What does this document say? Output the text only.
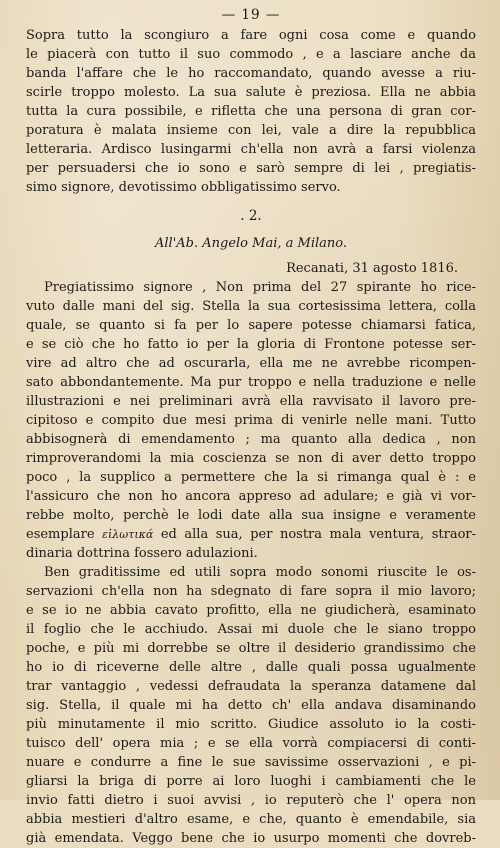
— 19 —
Sopra tutto la scongiuro a fare ogni cosa come e quando
le piacerà con tutto il suo commodo , e a lasciare anche da
banda l'affare che le ho raccomandato, quando avesse a riu-
scirle troppo molesto. La sua salute è preziosa. Ella ne abbia
tutta la cura possibile, e rifletta che una persona di gran cor-
poratura è malata insieme con lei, vale a dire la repubblica
letteraria. Ardisco lusingarmi ch'ella non avrà a farsi violenza
per persuadersi che io sono e sarò sempre di lei , pregiatis-
simo signore, devotissimo obbligatissimo servo.
. 2.
All'Ab. Angelo Mai, a Milano.
Recanati, 31 agosto 1816.
Pregiatissimo signore , Non prima del 27 spirante ho rice-
vuto dalle mani del sig. Stella la sua cortesissima lettera, colla
quale, se quanto si fa per lo sapere potesse chiamarsi fatica,
e se ciò che ho fatto io per la gloria di Frontone potesse ser-
vire ad altro che ad oscurarla, ella me ne avrebbe ricompen-
sato abbondantemente. Ma pur troppo e nella traduzione e nelle
illustrazioni e nei preliminari avrà ella ravvisato il lavoro pre-
cipitoso e compito due mesi prima di venirle nelle mani. Tutto
abbisognerà di emendamento ; ma quanto alla dedica , non
rimproverandomi la mia coscienza se non di aver detto troppo
poco , la supplico a permettere che la si rimanga qual è : e
l'assicuro che non ho ancora appreso ad adulare; e già vi vor-
rebbe molto, perchè le lodi date alla sua insigne e veramente
esemplare εἰλωτικά ed alla sua, per nostra mala ventura, straor-
dinaria dottrina fossero adulazioni.
Ben graditissime ed utili sopra modo sonomi riuscite le os-
servazioni ch'ella non ha sdegnato di fare sopra il mio lavoro;
e se io ne abbia cavato profitto, ella ne giudicherà, esaminato
il foglio che le acchiudo. Assai mi duole che le siano troppo
poche, e più mi dorrebbe se oltre il desiderio grandissimo che
ho io di riceverne delle altre , dalle quali possa ugualmente
trar vantaggio , vedessi defraudata la speranza datamene dal
sig. Stella, il quale mi ha detto ch' ella andava disaminando
più minutamente il mio scritto. Giudice assoluto io la costi-
tuisco dell' opera mia ; e se ella vorrà compiacersi di conti-
nuare e condurre a fine le sue savissime osservazioni , e pi-
gliarsi la briga di porre ai loro luoghi i cambiamenti che le
invio fatti dietro i suoi avvisi , io reputerò che l' opera non
abbia mestieri d'altro esame, e che, quanto è emendabile, sia
già emendata. Veggo bene che io usurpo momenti che dovreb-
